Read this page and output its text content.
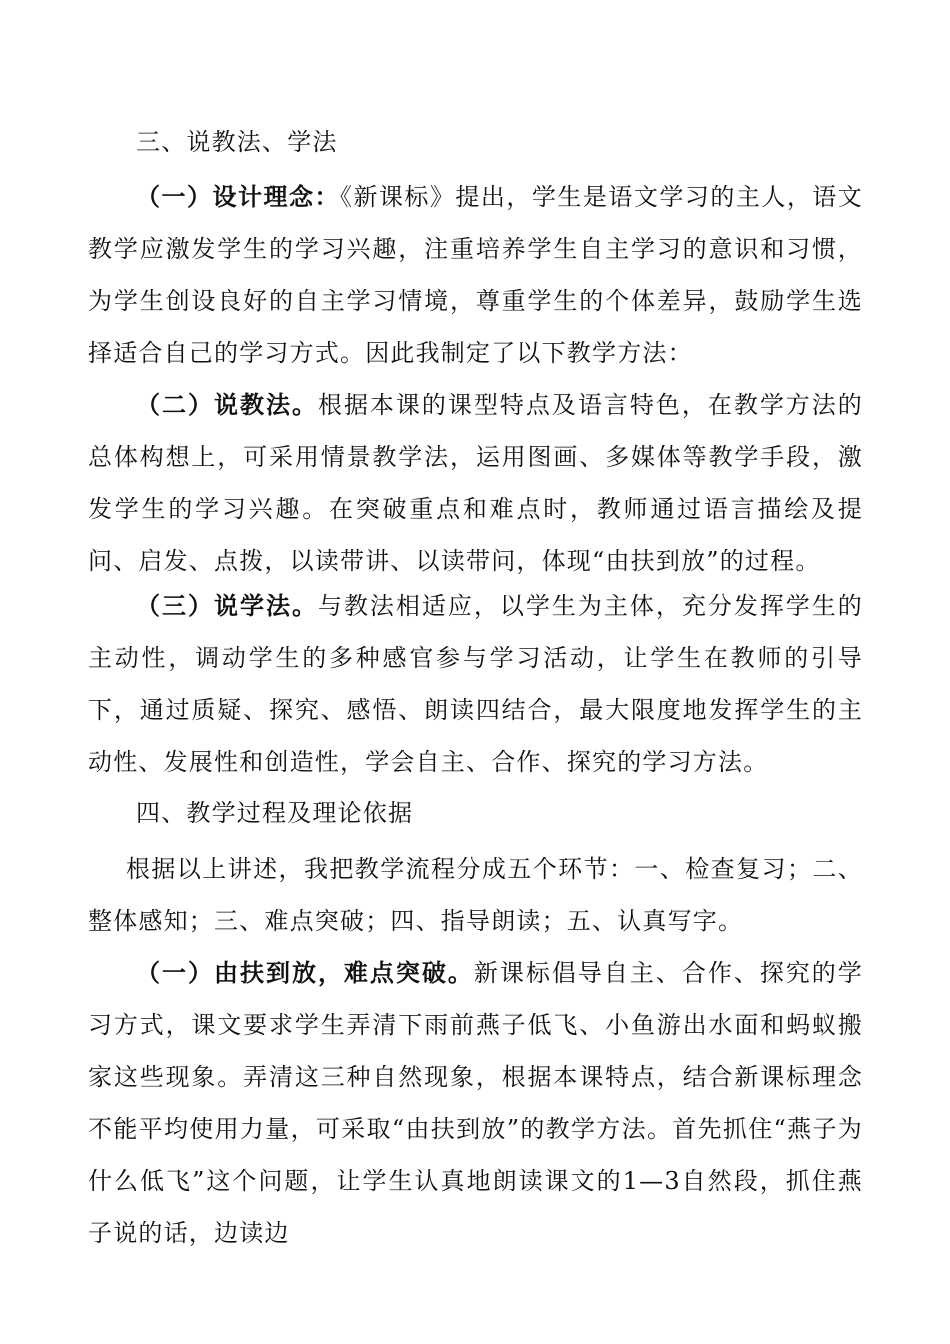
三、说教法、学法

（一）设计理念：《新课标》提出，学生是语文学习的主人，语文教学应激发学生的学习兴趣，注重培养学生自主学习的意识和习惯，为学生创设良好的自主学习情境，尊重学生的个体差异，鼓励学生选择适合自己的学习方式。因此我制定了以下教学方法：

（二）说教法。根据本课的课型特点及语言特色，在教学方法的总体构想上，可采用情景教学法，运用图画、多媒体等教学手段，激发学生的学习兴趣。在突破重点和难点时，教师通过语言描绘及提问、启发、点拨，以读带讲、以读带问，体现“由扶到放”的过程。

（三）说学法。与教法相适应，以学生为主体，充分发挥学生的主动性，调动学生的多种感官参与学习活动，让学生在教师的引导下，通过质疑、探究、感悟、朗读四结合，最大限度地发挥学生的主动性、发展性和创造性，学会自主、合作、探究的学习方法。

四、教学过程及理论依据

根据以上讲述，我把教学流程分成五个环节：一、检查复习；二、整体感知；三、难点突破；四、指导朗读；五、认真写字。

（一）由扶到放，难点突破。新课标倡导自主、合作、探究的学习方式，课文要求学生弄清下雨前燕子低飞、小鱼游出水面和蚂蚁搬家这些现象。弄清这三种自然现象，根据本课特点，结合新课标理念不能平均使用力量，可采取“由扶到放”的教学方法。首先抓住“燕子为什么低飞”这个问题，让学生认真地朗读课文的1—3自然段，抓住燕子说的话，边读边
